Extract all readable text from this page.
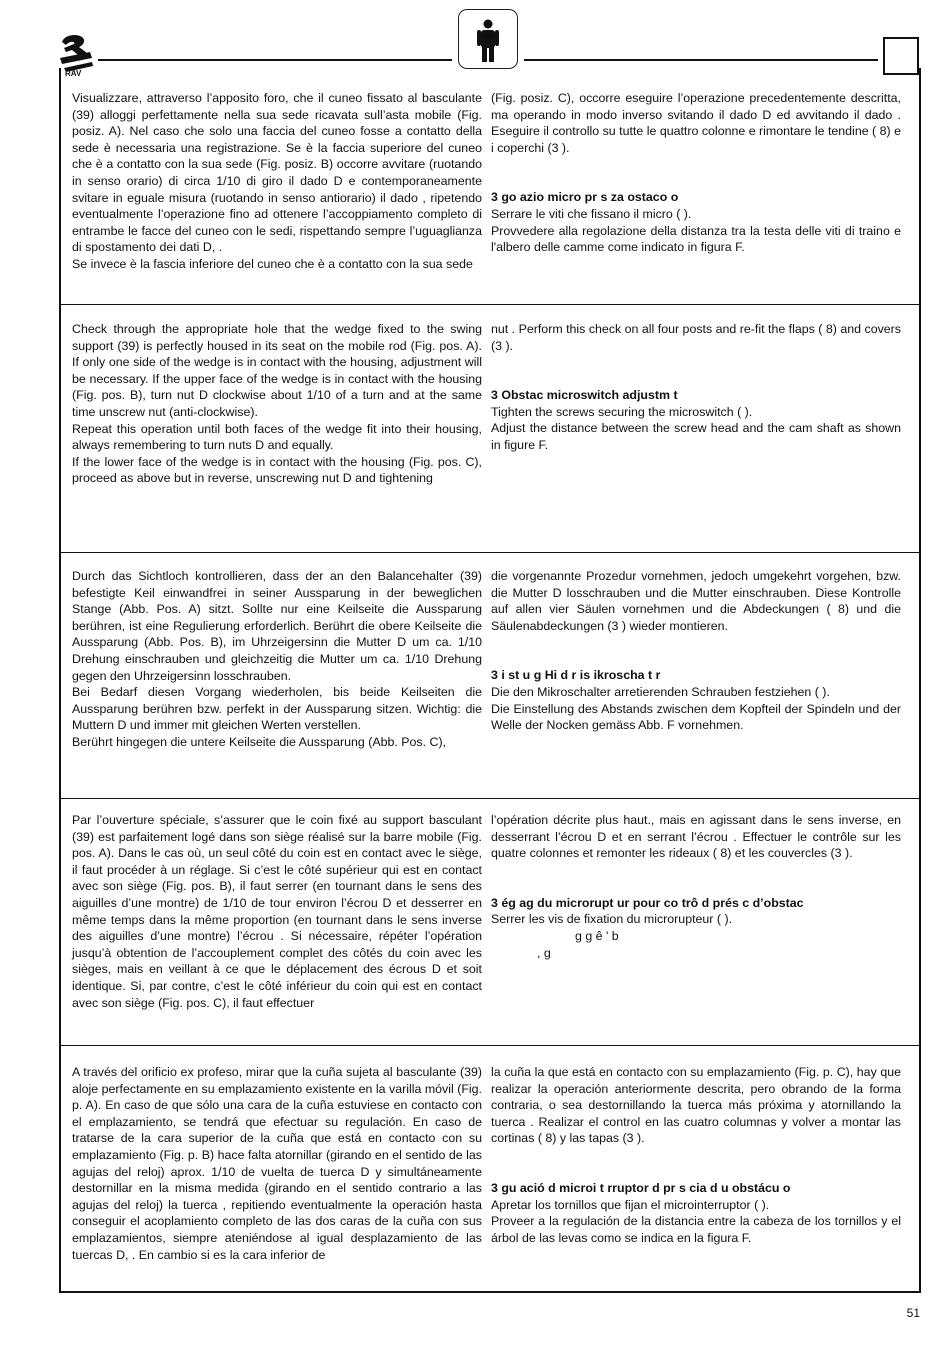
RAV

Visualizzare, attraverso l’apposito foro, che il cuneo fissato al basculante (39) alloggi perfettamente nella sua sede ricavata sull’asta mobile (Fig. posiz. A). Nel caso che solo una faccia del cuneo fosse a contatto della sede è necessaria una registrazione. Se è la faccia superiore del cuneo che è a contatto con la sua sede (Fig. posiz. B) occorre avvitare (ruotando in senso orario) di circa 1/10 di giro il dado D e contemporaneamente svitare in eguale misura (ruotando in senso antiorario) il dado , ripetendo eventualmente l’operazione fino ad ottenere l’accoppiamento completo di entrambe le facce del cuneo con le sedi, rispettando sempre l’uguaglianza di spostamento dei dati D, .

Se invece è la fascia inferiore del cuneo che è a contatto con la sua sede

(Fig. posiz. C), occorre eseguire l’operazione precedentemente descritta, ma operando in modo inverso svitando il dado D ed avvitando il dado . Eseguire il controllo su tutte le quattro colonne e rimontare le tendine ( 8) e i coperchi (3 ).

3 go azio micro pr s za ostaco o

Serrare le viti che fissano il micro ( ).

Provvedere alla regolazione della distanza tra la testa delle viti di traino e l'albero delle camme come indicato in figura F.

Check through the appropriate hole that the wedge fixed to the swing support (39) is perfectly housed in its seat on the mobile rod (Fig. pos. A). If only one side of the wedge is in contact with the housing, adjustment will be necessary. If the upper face of the wedge is in contact with the housing (Fig. pos. B), turn nut D clockwise about 1/10 of a turn and at the same time unscrew nut (anti-clockwise).

Repeat this operation until both faces of the wedge fit into their housing, always remembering to turn nuts D and equally.

If the lower face of the wedge is in contact with the housing (Fig. pos. C), proceed as above but in reverse, unscrewing nut D and tightening

nut . Perform this check on all four posts and re-fit the flaps ( 8) and covers (3 ).

3 Obstac microswitch adjustm t

Tighten the screws securing the microswitch ( ).

Adjust the distance between the screw head and the cam shaft as shown in figure F.

Durch das Sichtloch kontrollieren, dass der an den Balancehalter (39) befestigte Keil einwandfrei in seiner Aussparung in der beweglichen Stange (Abb. Pos. A) sitzt. Sollte nur eine Keilseite die Aussparung berühren, ist eine Regulierung erforderlich. Berührt die obere Keilseite die Aussparung (Abb. Pos. B), im Uhrzeigersinn die Mutter D um ca. 1/10 Drehung einschrauben und gleichzeitig die Mutter um ca. 1/10 Drehung gegen den Uhrzeigersinn losschrauben.

Bei Bedarf diesen Vorgang wiederholen, bis beide Keilseiten die Aussparung berühren bzw. perfekt in der Aussparung sitzen. Wichtig: die Muttern D und immer mit gleichen Werten verstellen.

Berührt hingegen die untere Keilseite die Aussparung (Abb. Pos. C),

die vorgenannte Prozedur vornehmen, jedoch umgekehrt vorgehen, bzw. die Mutter D losschrauben und die Mutter einschrauben. Diese Kontrolle auf allen vier Säulen vornehmen und die Abdeckungen ( 8) und die Säulenabdeckungen (3 ) wieder montieren.

3 i st u g Hi d r is ikroscha t r

Die den Mikroschalter arretierenden Schrauben festziehen ( ).

Die Einstellung des Abstands zwischen dem Kopfteil der Spindeln und der Welle der Nocken gemäss Abb. F vornehmen.

Par l’ouverture spéciale, s’assurer que le coin fixé au support basculant (39) est parfaitement logé dans son siège réalisé sur la barre mobile (Fig. pos. A). Dans le cas où, un seul côté du coin est en contact avec le siège, il faut procéder à un réglage. Si c’est le côté supérieur qui est en contact avec son siège (Fig. pos. B), il faut serrer (en tournant dans le sens des aiguilles d’une montre) de 1/10 de tour environ l’écrou D et desserrer en même temps dans la même proportion (en tournant dans le sens inverse des aiguilles d’une montre) l’écrou . Si nécessaire, répéter l’opération jusqu’à obtention de l’accouplement complet des côtés du coin avec les sièges, mais en veillant à ce que le déplacement des écrous D et soit identique. Si, par contre, c’est le côté inférieur du coin qui est en contact avec son siège (Fig. pos. C), il faut effectuer

l’opération décrite plus haut., mais en agissant dans le sens inverse, en desserrant l’écrou D et en serrant l’écrou . Effectuer le contrôle sur les quatre colonnes et remonter les rideaux ( 8) et les couvercles (3 ).

3 ég ag du microrupt ur pour co trô d prés c d’obstac

Serrer les vis de fixation du microrupteur ( ).

g g ê ' b

, g

A través del orificio ex profeso, mirar que la cuña sujeta al basculante (39) aloje perfectamente en su emplazamiento existente en la varilla móvil (Fig. p. A). En caso de que sólo una cara de la cuña estuviese en contacto con el emplazamiento, se tendrá que efectuar su regulación. En caso de tratarse de la cara superior de la cuña que está en contacto con su emplazamiento (Fig. p. B) hace falta atornillar (girando en el sentido de las agujas del reloj) aprox. 1/10 de vuelta de tuerca D y simultáneamente destornillar en la misma medida (girando en el sentido contrario a las agujas del reloj) la tuerca , repitiendo eventualmente la operación hasta conseguir el acoplamiento completo de las dos caras de la cuña con sus emplazamientos, siempre ateniéndose al igual desplazamiento de las tuercas D, . En cambio si es la cara inferior de

la cuña la que está en contacto con su emplazamiento (Fig. p. C), hay que realizar la operación anteriormente descrita, pero obrando de la forma contraria, o sea destornillando la tuerca más próxima y atornillando la tuerca . Realizar el control en las cuatro columnas y volver a montar las cortinas ( 8) y las tapas (3 ).

3 gu ació d microi t rruptor d pr s cia d u obstácu o

Apretar los tornillos que fijan el microinterruptor ( ).

Proveer a la regulación de la distancia entre la cabeza de los tornillos y el árbol de las levas como se indica en la figura F.

51
